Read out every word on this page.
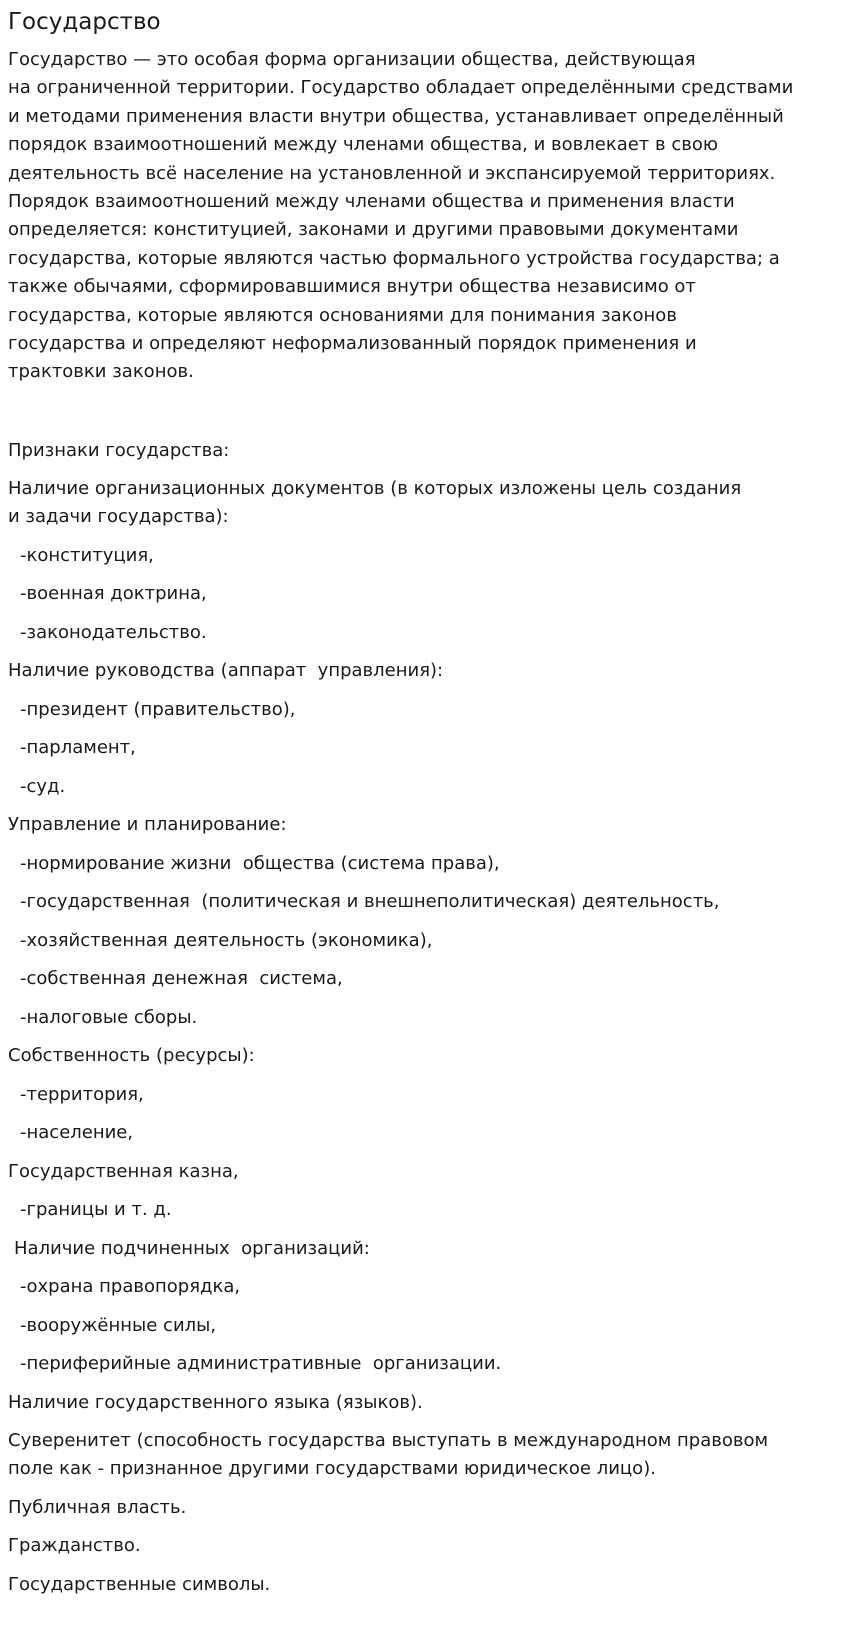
Государство

Государство — это особая форма организации общества, действующая
на ограниченной территории. Государство обладает определёнными средствами
и методами применения власти внутри общества, устанавливает определённый
порядок взаимоотношений между членами общества, и вовлекает в свою
деятельность всё население на установленной и экспансируемой территориях.
Порядок взаимоотношений между членами общества и применения власти
определяется: конституцией, законами и другими правовыми документами
государства, которые являются частью формального устройства государства; а
также обычаями, сформировавшимися внутри общества независимо от
государства, которые являются основаниями для понимания законов
государства и определяют неформализованный порядок применения и
трактовки законов.

Признаки государства:

Наличие организационных документов (в которых изложены цель создания
и задачи государства):

-конституция,

-военная доктрина,

-законодательство.

Наличие руководства (аппарат  управления):

-президент (правительство),

-парламент,

-суд.

Управление и планирование:

-нормирование жизни  общества (система права),

-государственная  (политическая и внешнеполитическая) деятельность,

-хозяйственная деятельность (экономика),

-собственная денежная  система,

-налоговые сборы.

Собственность (ресурсы):

-территория,

-население,

Государственная казна,

-границы и т. д.

Наличие подчиненных  организаций:

-охрана правопорядка,

-вооружённые силы,

-периферийные административные  организации.

Наличие государственного языка (языков).

Суверенитет (способность государства выступать в международном правовом
поле как - признанное другими государствами юридическое лицо).

Публичная власть.

Гражданство.

Государственные символы.
